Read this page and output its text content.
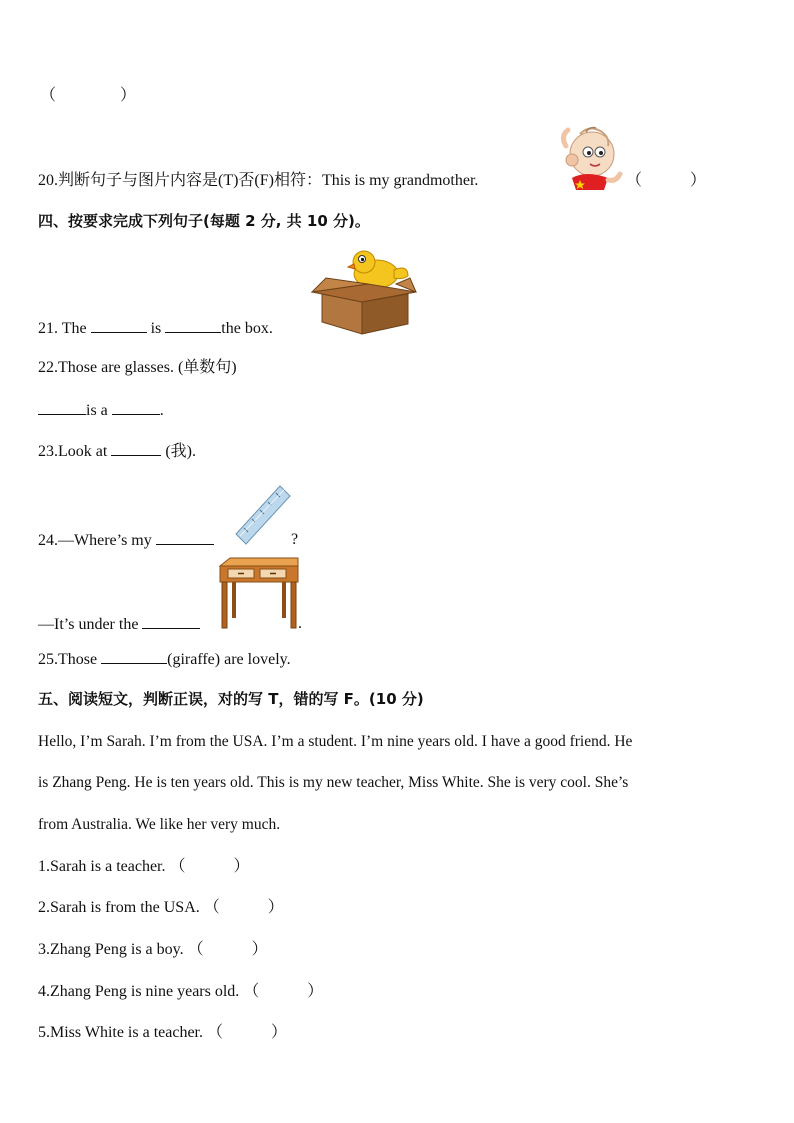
（　　　　）
20.判断句子与图片内容是(T)否(F)相符：This is my grandmother.	（　　　）
四、按要求完成下列句子(每题 2 分, 共 10 分)。
21. The	is	the box.
22.Those are glasses. (单数句)
is a	.
23.Look at	(我).
24.—Where’s my	?
—It’s under the	.
25.Those	(giraffe) are lovely.
五、阅读短文，判断正误，对的写 T，错的写 F。(10 分)
Hello, I’m Sarah. I’m from the USA. I’m a student. I’m nine years old. I have a good friend. He
is Zhang Peng. He is ten years old. This is my new teacher, Miss White. She is very cool. She’s
from Australia. We like her very much.
1.Sarah is a teacher. （　　　）
2.Sarah is from the USA. （　　　）
3.Zhang Peng is a boy. （　　　）
4.Zhang Peng is nine years old. （　　　）
5.Miss White is a teacher. （　　　）
